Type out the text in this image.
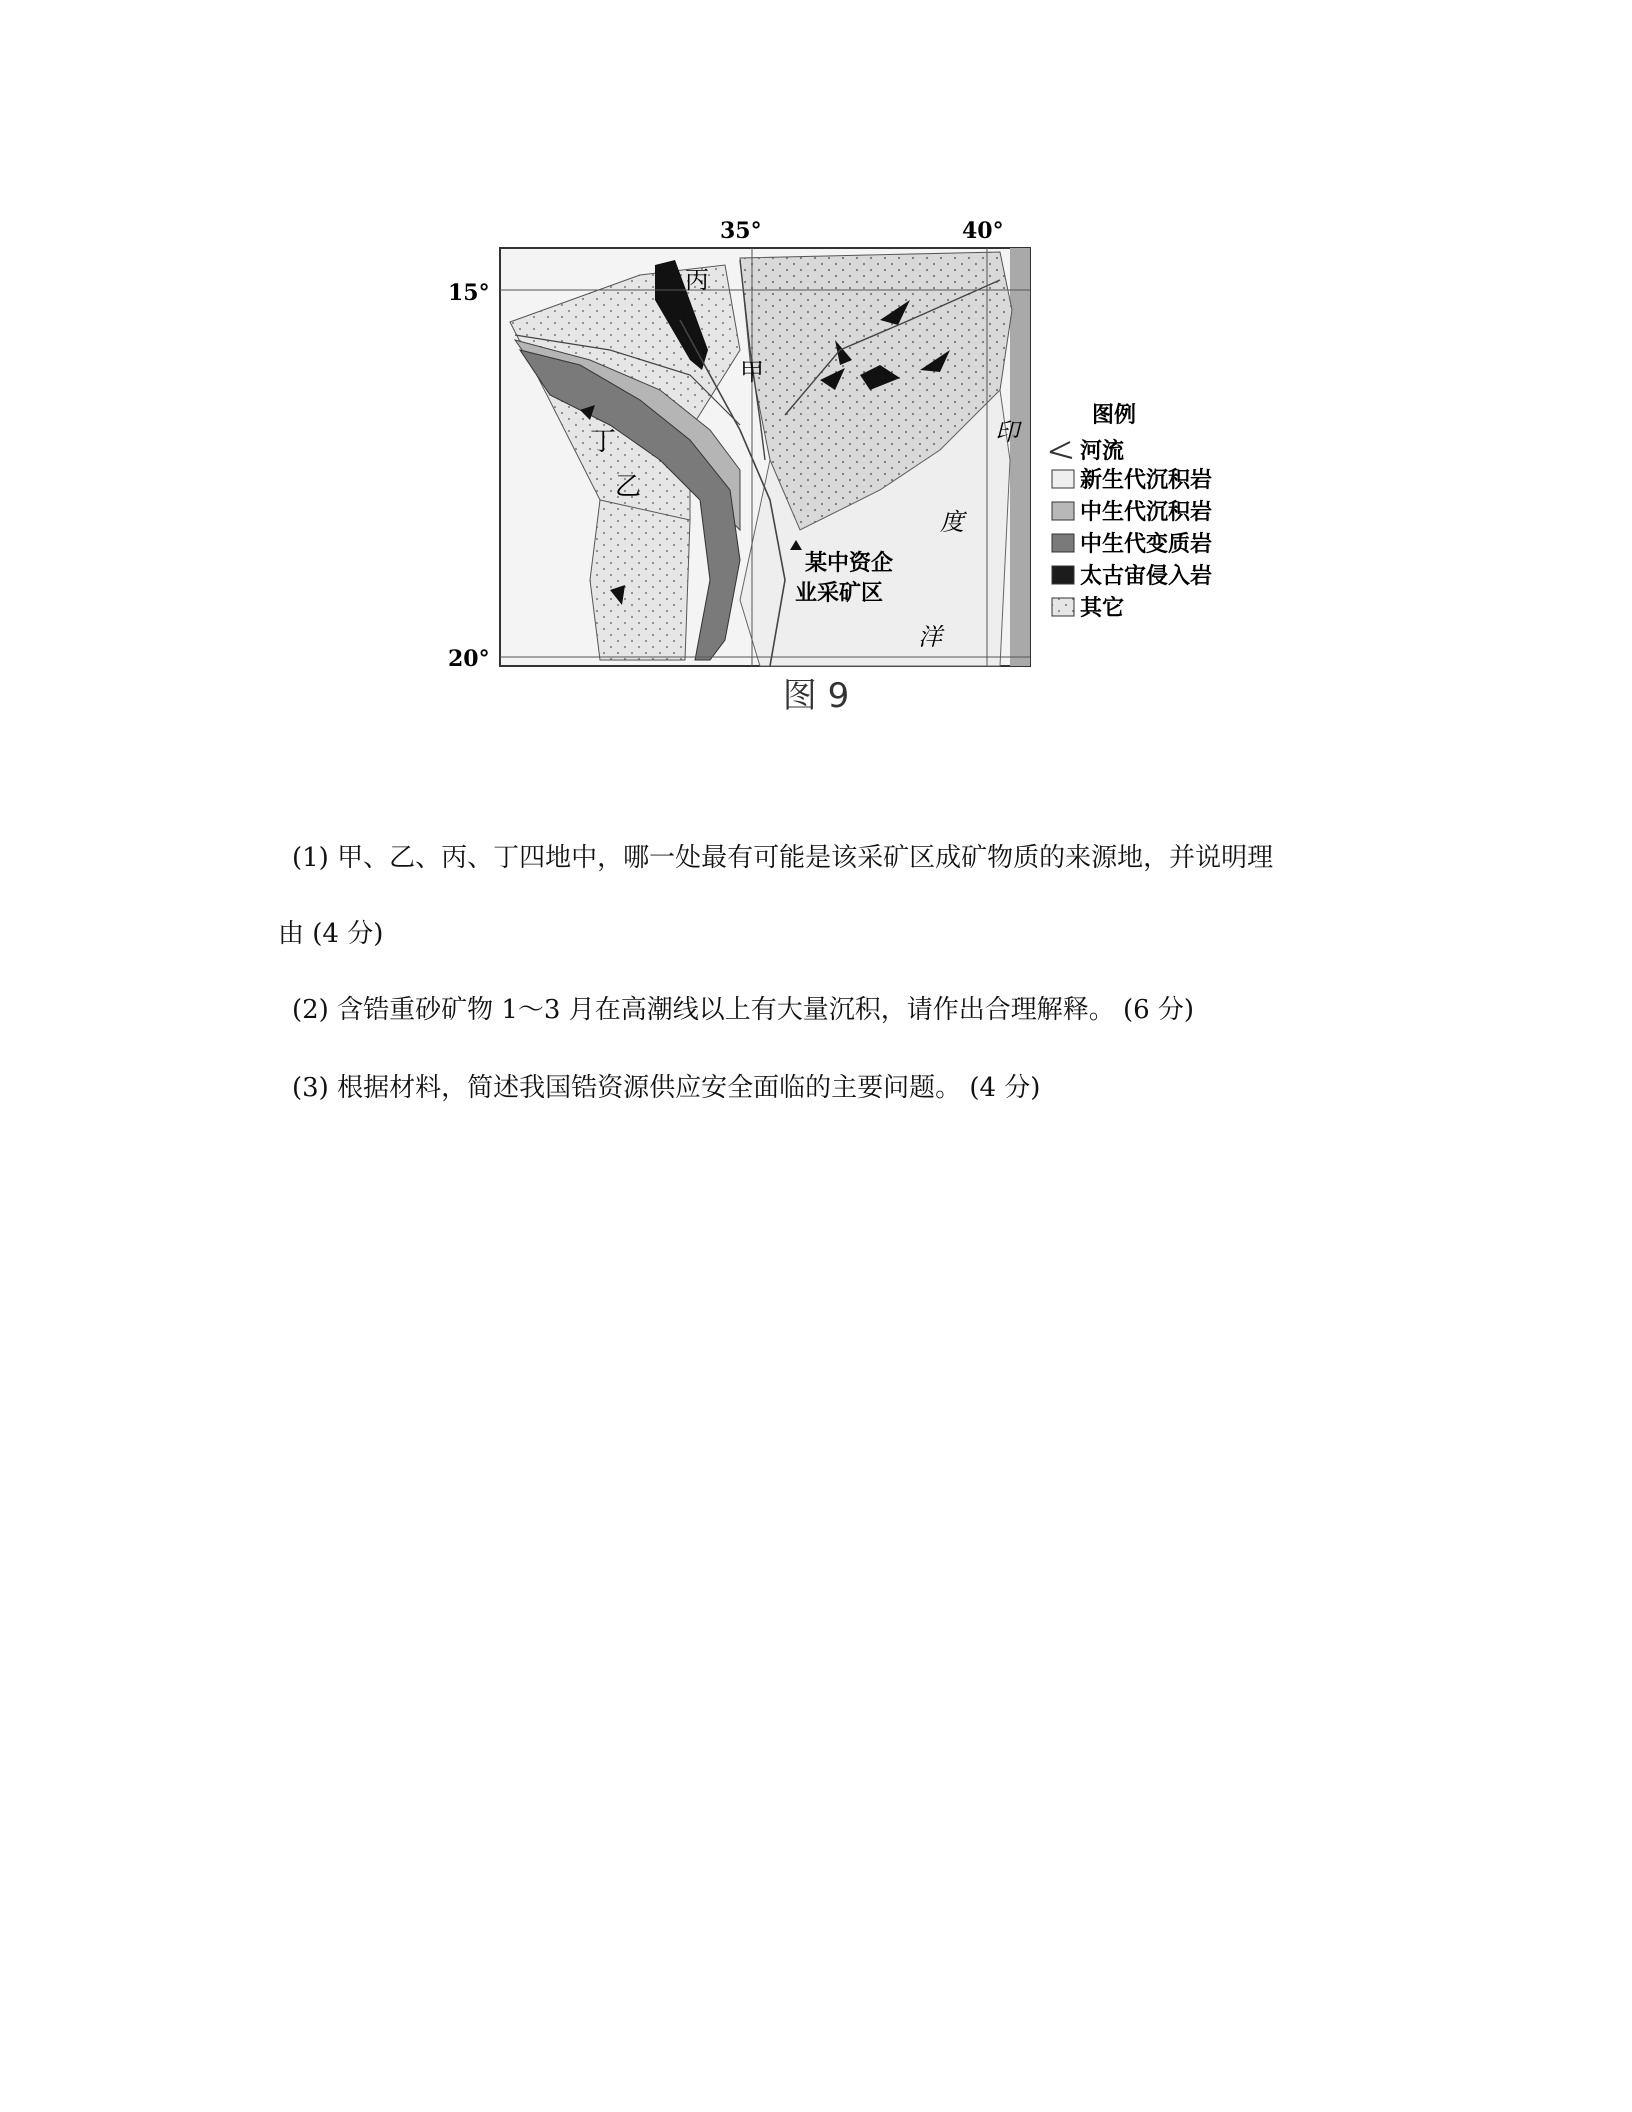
35°	40°
15°
20°
丙
甲
丁
乙
某中资企
业采矿区
印
度
洋
图例
河流
新生代沉积岩
中生代沉积岩
中生代变质岩
太古宙侵入岩
其它
图 9
(1) 甲、乙、丙、丁四地中，哪一处最有可能是该采矿区成矿物质的来源地，并说明理
由 (4 分)
(2) 含锆重砂矿物 1～3 月在高潮线以上有大量沉积，请作出合理解释。 (6 分)
(3) 根据材料，简述我国锆资源供应安全面临的主要问题。 (4 分)
